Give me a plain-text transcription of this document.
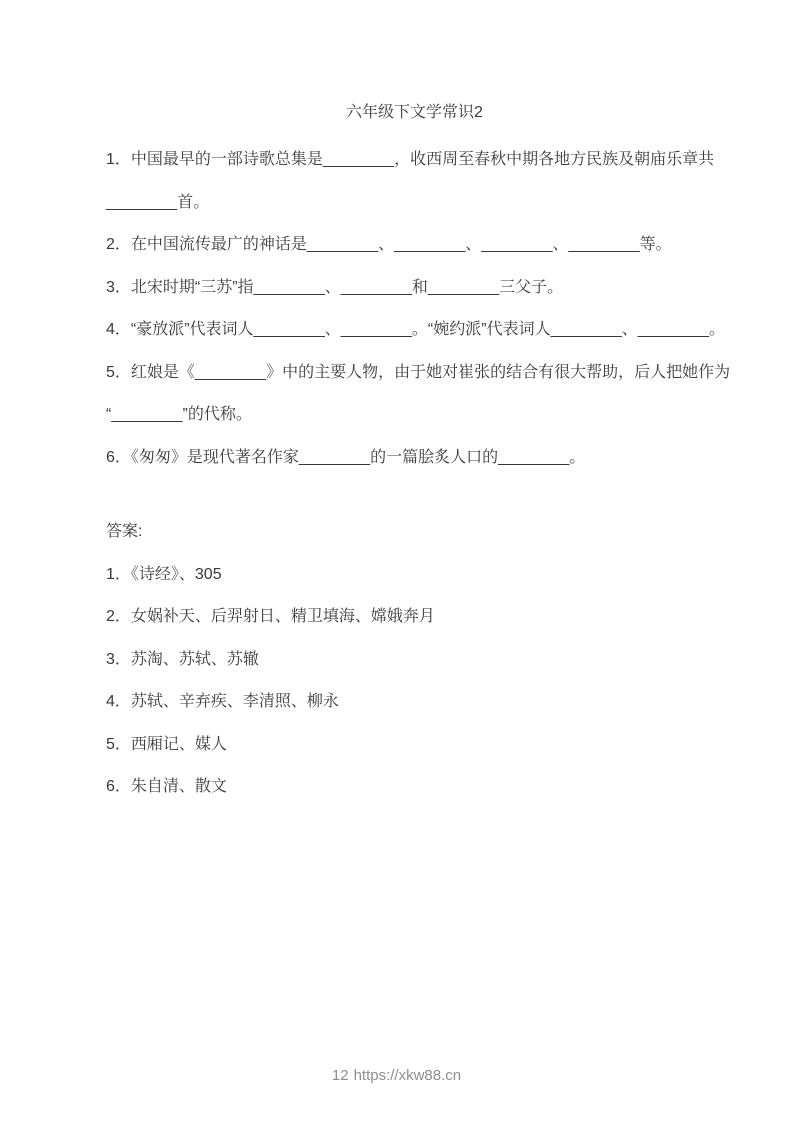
六年级下文学常识2

1．中国最早的一部诗歌总集是________，收西周至春秋中期各地方民族及朝庙乐章共

________首。

2．在中国流传最广的神话是________、________、________、________等。

3．北宋时期“三苏”指________、________和________三父子。

4．“豪放派”代表词人________、________。“婉约派”代表词人________、________。

5．红娘是《________》中的主要人物，由于她对崔张的结合有很大帮助，后人把她作为

“________”的代称。

6．《匆匆》是现代著名作家________的一篇脍炙人口的________。

答案:

1．《诗经》、305

2．女娲补天、后羿射日、精卫填海、嫦娥奔月

3．苏淘、苏轼、苏辙

4．苏轼、辛弃疾、李清照、柳永

5．西厢记、媒人

6．朱自清、散文

12 https://xkw88.cn
